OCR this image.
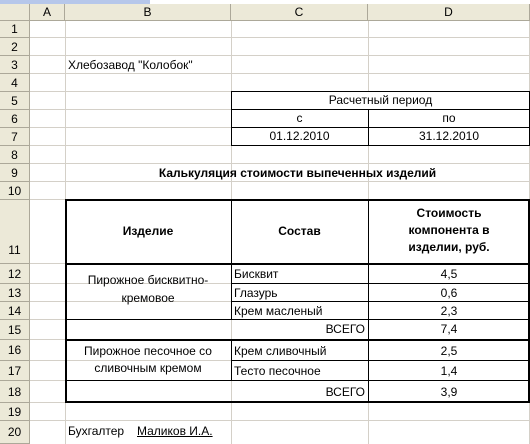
A	B	C	D
1
2
3
4
5
6
7
8
9
10
11
12
13
14
15
16
17
18
19
20
Хлебозавод "Колобок"
Расчетный период
с	по
01.12.2010	31.12.2010
Калькуляция стоимости выпеченных изделий
Изделие	Состав
Стоимость
компонента в
изделии, руб.
Пирожное бисквитно-
кремовое
Бисквит	4,5
Глазурь	0,6
Крем масленый	2,3
ВСЕГО	7,4
Пирожное песочное со
сливочным кремом
Крем сливочный	2,5
Тесто песочное	1,4
ВСЕГО	3,9
Бухгалтер Маликов И.А.
